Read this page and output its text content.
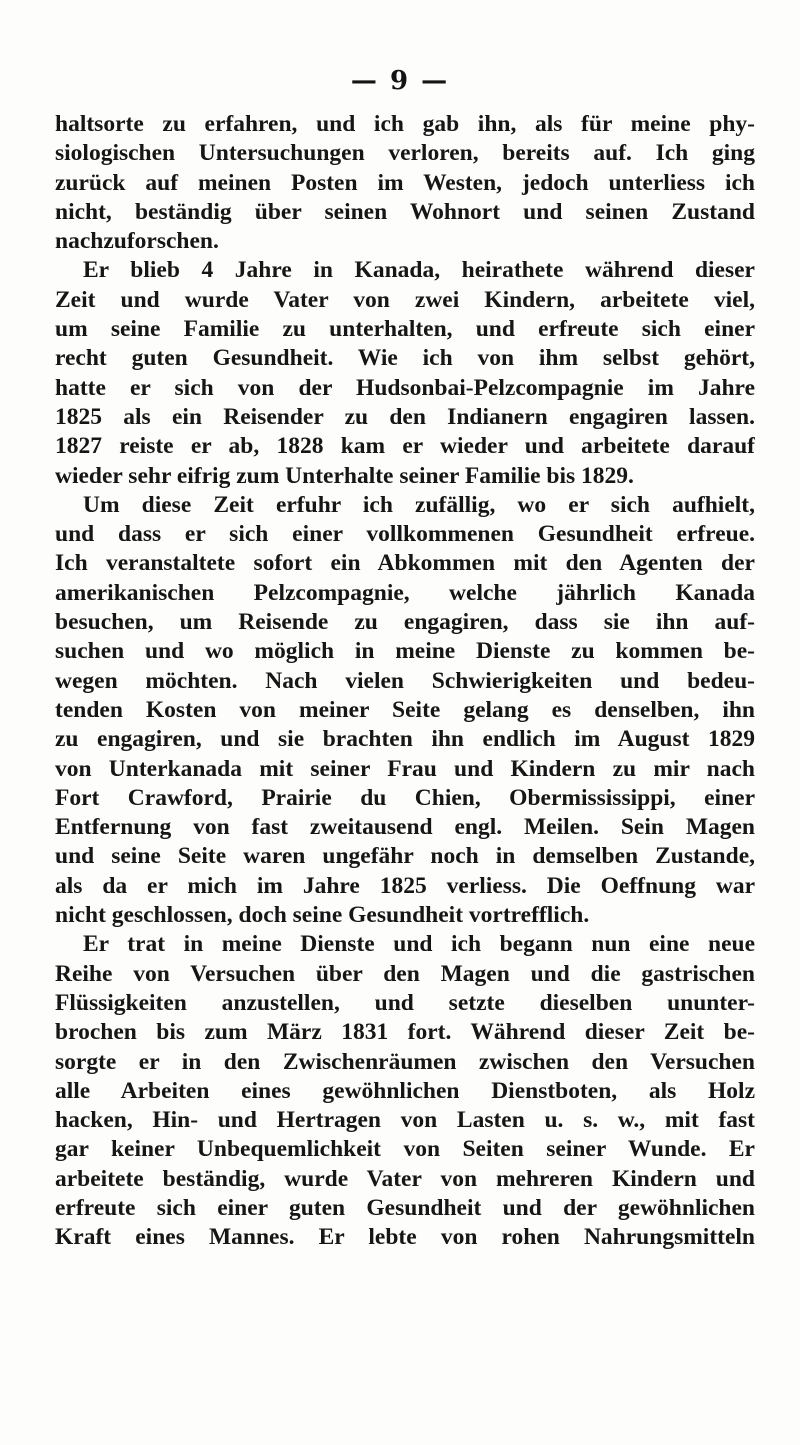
— 9 —
haltsorte zu erfahren, und ich gab ihn, als für meine phy-
siologischen Untersuchungen verloren, bereits auf. Ich ging
zurück auf meinen Posten im Westen, jedoch unterliess ich
nicht, beständig über seinen Wohnort und seinen Zustand
nachzuforschen.
Er blieb 4 Jahre in Kanada, heirathete während dieser
Zeit und wurde Vater von zwei Kindern, arbeitete viel,
um seine Familie zu unterhalten, und erfreute sich einer
recht guten Gesundheit. Wie ich von ihm selbst gehört,
hatte er sich von der Hudsonbai-Pelzcompagnie im Jahre
1825 als ein Reisender zu den Indianern engagiren lassen.
1827 reiste er ab, 1828 kam er wieder und arbeitete darauf
wieder sehr eifrig zum Unterhalte seiner Familie bis 1829.
Um diese Zeit erfuhr ich zufällig, wo er sich aufhielt,
und dass er sich einer vollkommenen Gesundheit erfreue.
Ich veranstaltete sofort ein Abkommen mit den Agenten der
amerikanischen Pelzcompagnie, welche jährlich Kanada
besuchen, um Reisende zu engagiren, dass sie ihn auf-
suchen und wo möglich in meine Dienste zu kommen be-
wegen möchten. Nach vielen Schwierigkeiten und bedeu-
tenden Kosten von meiner Seite gelang es denselben, ihn
zu engagiren, und sie brachten ihn endlich im August 1829
von Unterkanada mit seiner Frau und Kindern zu mir nach
Fort Crawford, Prairie du Chien, Obermississippi, einer
Entfernung von fast zweitausend engl. Meilen. Sein Magen
und seine Seite waren ungefähr noch in demselben Zustande,
als da er mich im Jahre 1825 verliess. Die Oeffnung war
nicht geschlossen, doch seine Gesundheit vortrefflich.
Er trat in meine Dienste und ich begann nun eine neue
Reihe von Versuchen über den Magen und die gastrischen
Flüssigkeiten anzustellen, und setzte dieselben ununter-
brochen bis zum März 1831 fort. Während dieser Zeit be-
sorgte er in den Zwischenräumen zwischen den Versuchen
alle Arbeiten eines gewöhnlichen Dienstboten, als Holz
hacken, Hin- und Hertragen von Lasten u. s. w., mit fast
gar keiner Unbequemlichkeit von Seiten seiner Wunde. Er
arbeitete beständig, wurde Vater von mehreren Kindern und
erfreute sich einer guten Gesundheit und der gewöhnlichen
Kraft eines Mannes. Er lebte von rohen Nahrungsmitteln
